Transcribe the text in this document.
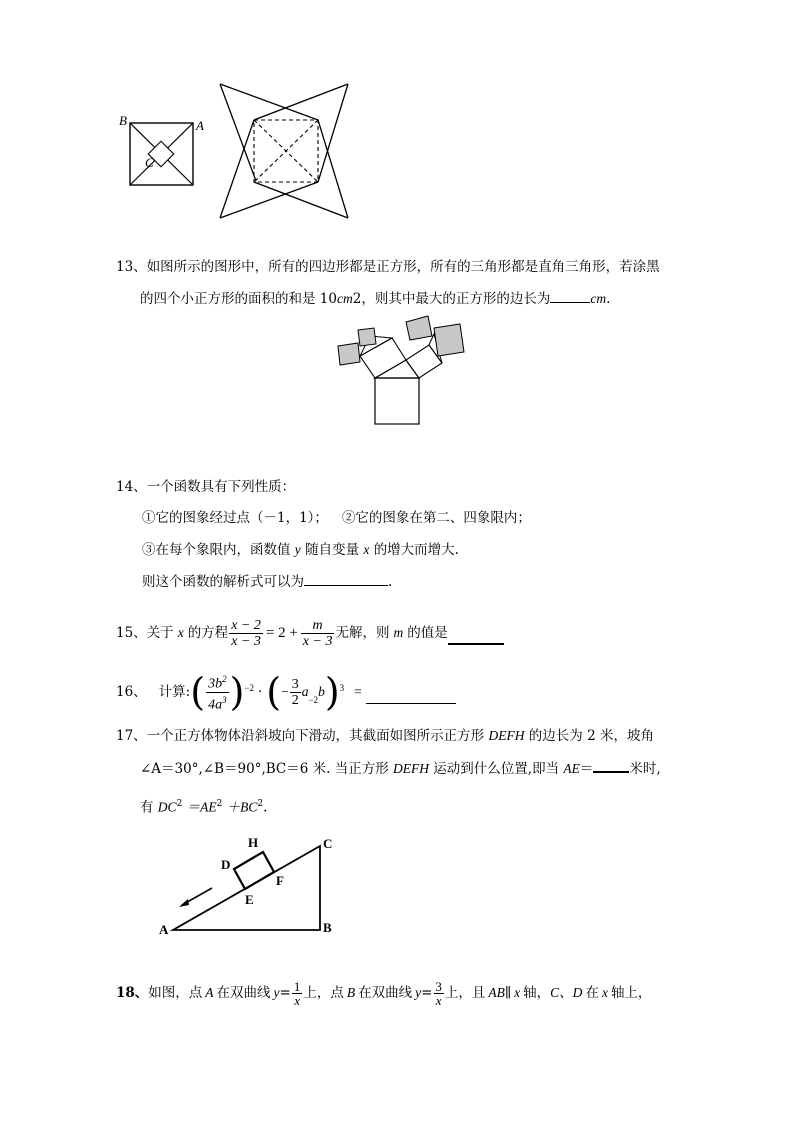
B	A
C
13、如图所示的图形中，所有的四边形都是正方形，所有的三角形都是直角三角形，若涂黑
的四个小正方形的面积的和是 10cm2，则其中最大的正方形的边长为	cm.
14、一个函数具有下列性质：
①它的图象经过点（－1，1）； ②它的图象在第二、四象限内；
③在每个象限内，函数值 y 随自变量 x 的增大而增大.
则这个函数的解析式可以为	.
15、 关于 x 的方程 $\frac{x - 2}{x - 3} = 2 + \frac{m}{x - 3}$ 无解，则 m 的值是
16、 计算: ( $\frac{3b^2}{4a^3} )^{-2}$ · ( − $\frac{3}{2}$ a
$_{-2}$
b )$^3$ =
17、一个正方体物体沿斜坡向下滑动，其截面如图所示正方形 DEFH 的边长为 2 米，坡角
∠A＝30°,∠B＝90°,BC＝6 米. 当正方形 DEFH 运动到什么位置,即当 AE＝	米时,
有 $DC^2 =AE^2 +BC^2$.
H
D
F
E
A	B
C
18、 如图，点 A 在双曲线 $y = \frac{1}{x}$ 上，点 B 在双曲线 $y = \frac{3}{x}$ 上，且 AB ∥ x 轴， C、D 在 x 轴上，
